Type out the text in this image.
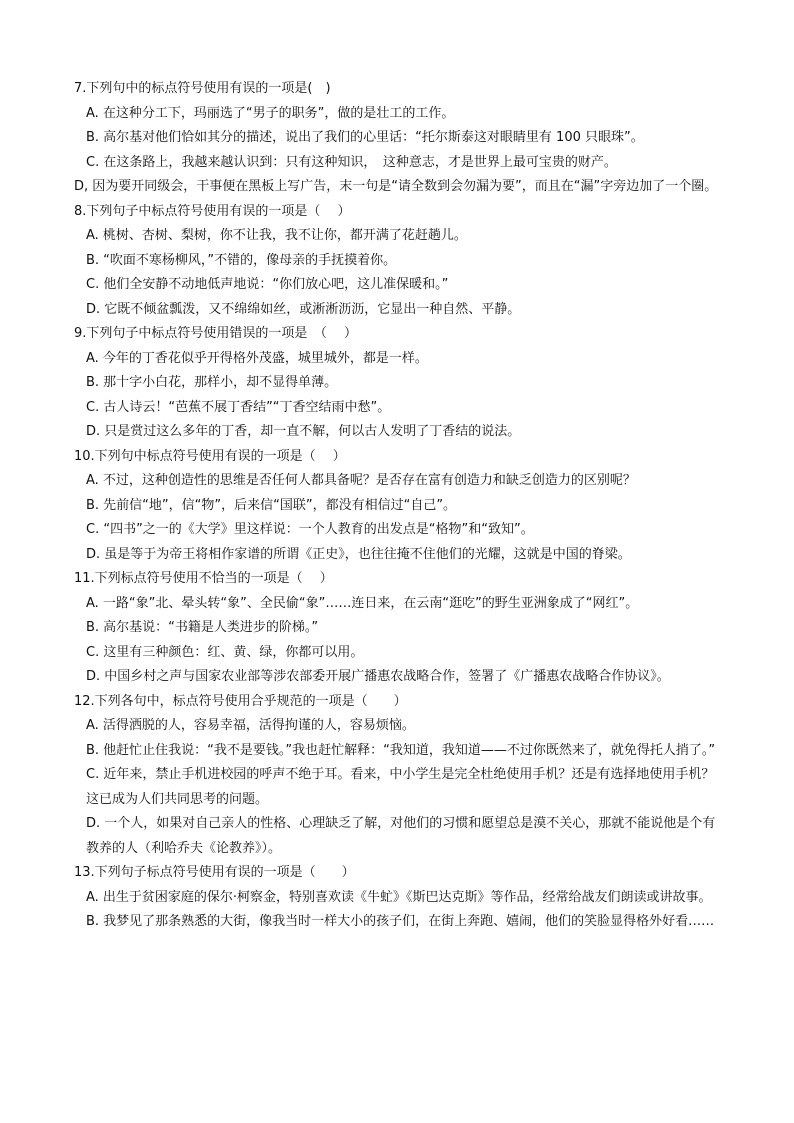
7.下列句中的标点符号使用有误的一项是(　)
A. 在这种分工下，玛丽选了“男子的职务”，做的是壮工的工作。
B. 高尔基对他们恰如其分的描述，说出了我们的心里话：“托尔斯泰这对眼睛里有 100 只眼珠”。
C. 在这条路上，我越来越认识到：只有这种知识，　这种意志，才是世界上最可宝贵的财产。
D, 因为要开同级会，干事便在黑板上写广告，末一句是“请全数到会勿漏为要”，而且在“漏”字旁边加了一个圈。
8.下列句子中标点符号使用有误的一项是（　 ）
A. 桃树、杏树、梨树，你不让我，我不让你，都开满了花赶趟儿。
B. “吹面不寒杨柳风，”不错的，像母亲的手抚摸着你。
C. 他们全安静不动地低声地说：“你们放心吧，这儿准保暖和。”
D. 它既不倾盆瓢泼，又不绵绵如丝，或淅淅沥沥，它显出一种自然、平静。
9.下列句子中标点符号使用错误的一项是　（　 ）
A. 今年的丁香花似乎开得格外茂盛，城里城外，都是一样。
B. 那十字小白花，那样小，却不显得单薄。
C. 古人诗云！“芭蕉不展丁香结”“丁香空结雨中愁”。
D. 只是赏过这么多年的丁香，却一直不解，何以古人发明了丁香结的说法。
10.下列句中标点符号使用有误的一项是（　 ）
A. 不过，这种创造性的思维是否任何人都具备呢？是否存在富有创造力和缺乏创造力的区别呢？
B. 先前信“地”，信“物”，后来信“国联”，都没有相信过“自己”。
C. “四书”之一的《大学》里这样说：一个人教育的出发点是“格物”和“致知”。
D. 虽是等于为帝王将相作家谱的所谓《正史》，也往往掩不住他们的光耀，这就是中国的脊梁。
11.下列标点符号使用不恰当的一项是（　 ）
A. 一路“象”北、晕头转“象”、全民偷“象”……连日来，在云南“逛吃”的野生亚洲象成了“网红”。
B. 高尔基说：“书籍是人类进步的阶梯。”
C. 这里有三种颜色：红、黄、绿，你都可以用。
D. 中国乡村之声与国家农业部等涉农部委开展广播惠农战略合作，签署了《广播惠农战略合作协议》。
12.下列各句中，标点符号使用合乎规范的一项是（　　）
A. 活得洒脱的人，容易幸福，活得拘谨的人，容易烦恼。
B. 他赶忙止住我说：“我不是要钱。”我也赶忙解释：“我知道，我知道——不过你既然来了，就免得托人捎了。”
C. 近年来，禁止手机进校园的呼声不绝于耳。看来，中小学生是完全杜绝使用手机？还是有选择地使用手机？这已成为人们共同思考的问题。
D. 一个人，如果对自己亲人的性格、心理缺乏了解，对他们的习惯和愿望总是漠不关心，那就不能说他是个有教养的人（利哈乔夫《论教养》）。
13.下列句子标点符号使用有误的一项是（　　）
A. 出生于贫困家庭的保尔·柯察金，特别喜欢读《牛虻》《斯巴达克斯》等作品，经常给战友们朗读或讲故事。
B. 我梦见了那条熟悉的大街，像我当时一样大小的孩子们，在街上奔跑、嬉闹，他们的笑脸显得格外好看……
